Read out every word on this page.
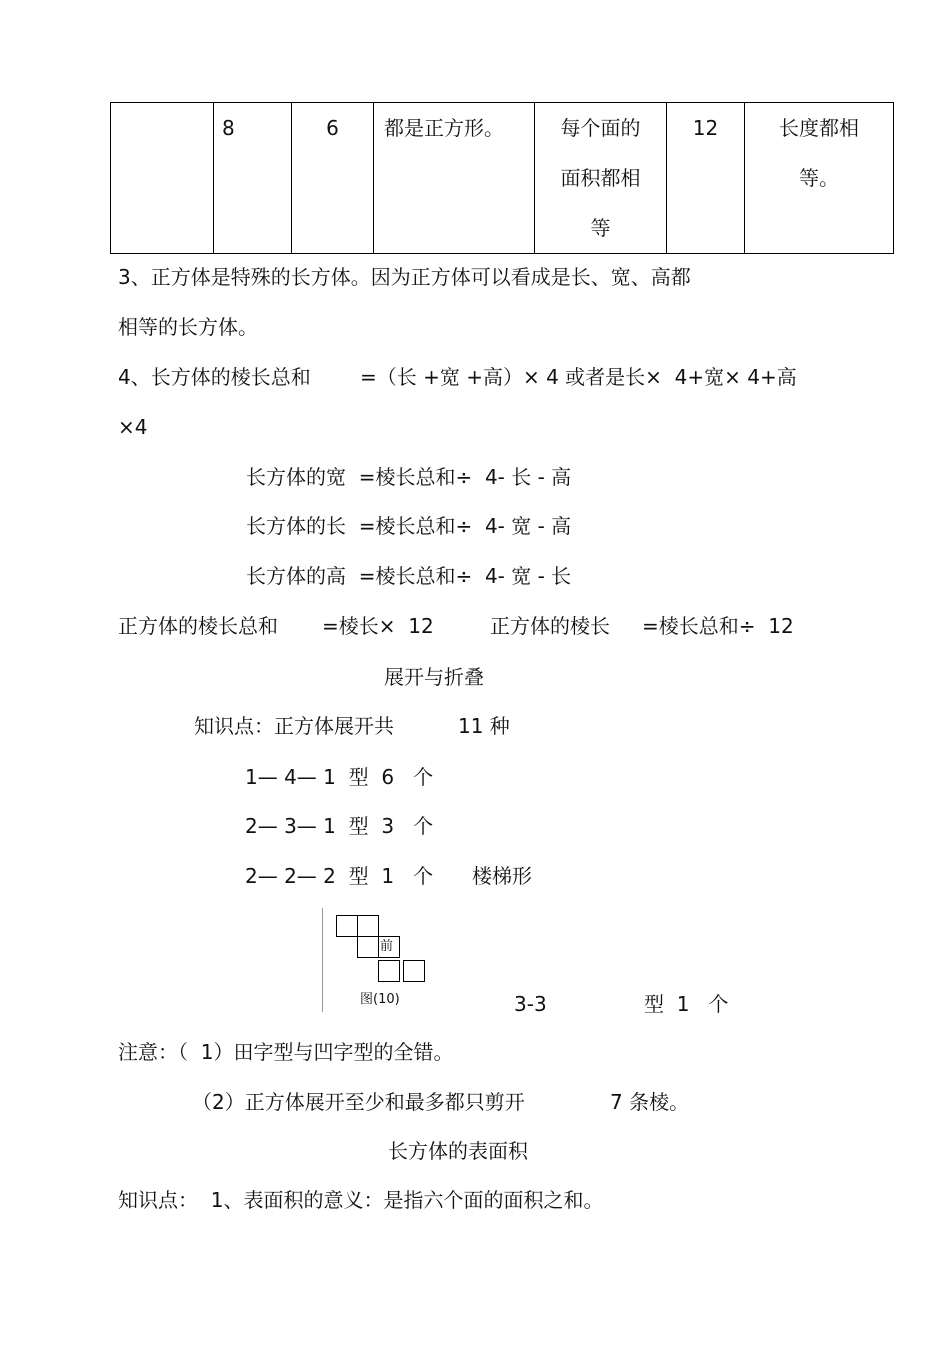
	8	6	都是正方形。	每个面的
面积都相
等	12	长度都相
等。
3、正方体是特殊的长方体。因为正方体可以看成是长、宽、高都
相等的长方体。
4、长方体的棱长总和 =（长 +宽 +高）× 4 或者是长×  4+宽× 4+高
×4
长方体的宽  =棱长总和÷  4- 长 - 高
长方体的长  =棱长总和÷  4- 宽 - 高
长方体的高  =棱长总和÷  4- 宽 - 长
正方体的棱长总和 =棱长×  12	正方体的棱长 =棱长总和÷  12
展开与折叠
知识点：正方体展开共	11 种
1— 4— 1  型  6   个
2— 3— 1  型  3   个
2— 2— 2  型  1   个 楼梯形
前
图(10)	3-3	型  1   个
注意：（  1）田字型与凹字型的全错。
（2）正方体展开至少和最多都只剪开	7 条棱。
长方体的表面积
知识点：  1、表面积的意义：是指六个面的面积之和。
